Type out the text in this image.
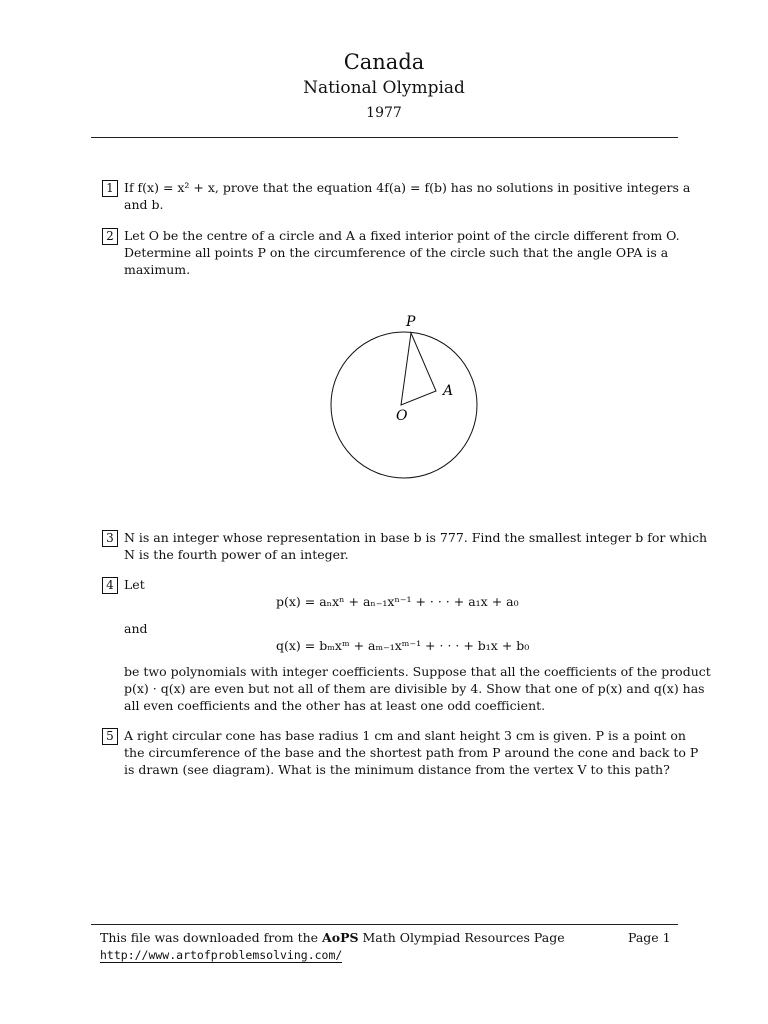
Canada
National Olympiad
1977
1 If f(x) = x² + x, prove that the equation 4f(a) = f(b) has no solutions in positive integers a
and b.
2 Let O be the centre of a circle and A a fixed interior point of the circle different from O.
Determine all points P on the circumference of the circle such that the angle OPA is a
maximum.
P
A
O
3 N is an integer whose representation in base b is 777. Find the smallest integer b for which
N is the fourth power of an integer.
4 Let
p(x) = aₙxⁿ + aₙ₋₁xⁿ⁻¹ + · · · + a₁x + a₀
and
q(x) = bₘxᵐ + aₘ₋₁xᵐ⁻¹ + · · · + b₁x + b₀
be two polynomials with integer coefficients. Suppose that all the coefficients of the product
p(x) · q(x) are even but not all of them are divisible by 4. Show that one of p(x) and q(x) has
all even coefficients and the other has at least one odd coefficient.
5 A right circular cone has base radius 1 cm and slant height 3 cm is given. P is a point on
the circumference of the base and the shortest path from P around the cone and back to P
is drawn (see diagram). What is the minimum distance from the vertex V to this path?
This file was downloaded from the AoPS Math Olympiad Resources Page	Page 1
http://www.artofproblemsolving.com/
